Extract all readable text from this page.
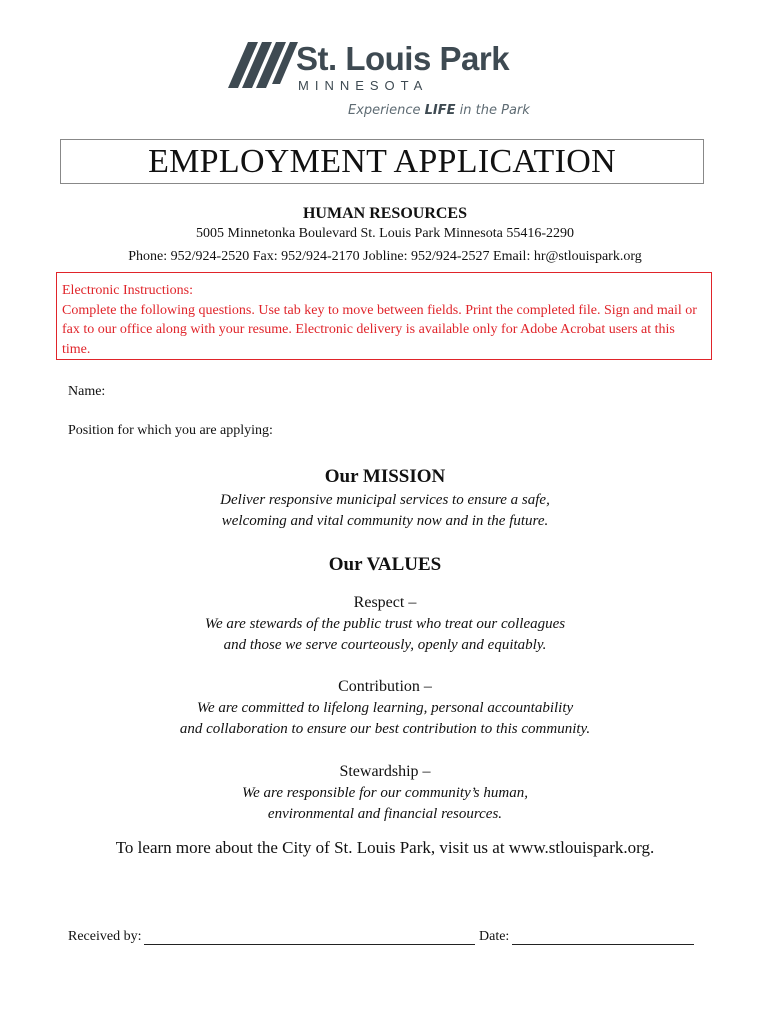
St. Louis Park
MINNESOTA
Experience LIFE in the Park
EMPLOYMENT APPLICATION
HUMAN RESOURCES
5005 Minnetonka Boulevard St. Louis Park Minnesota 55416-2290
Phone: 952/924-2520 Fax: 952/924-2170 Jobline: 952/924-2527 Email: hr@stlouispark.org
Electronic Instructions:
Complete the following questions. Use tab key to move between fields. Print the completed file. Sign and mail or fax to our office along with your resume. Electronic delivery is available only for Adobe Acrobat users at this time.
Name:
Position for which you are applying:
Our MISSION
Deliver responsive municipal services to ensure a safe,
welcoming and vital community now and in the future.
Our VALUES
Respect –
We are stewards of the public trust who treat our colleagues
and those we serve courteously, openly and equitably.
Contribution –
We are committed to lifelong learning, personal accountability
and collaboration to ensure our best contribution to this community.
Stewardship –
We are responsible for our community’s human,
environmental and financial resources.
To learn more about the City of St. Louis Park, visit us at www.stlouispark.org.
Received by:	Date:
